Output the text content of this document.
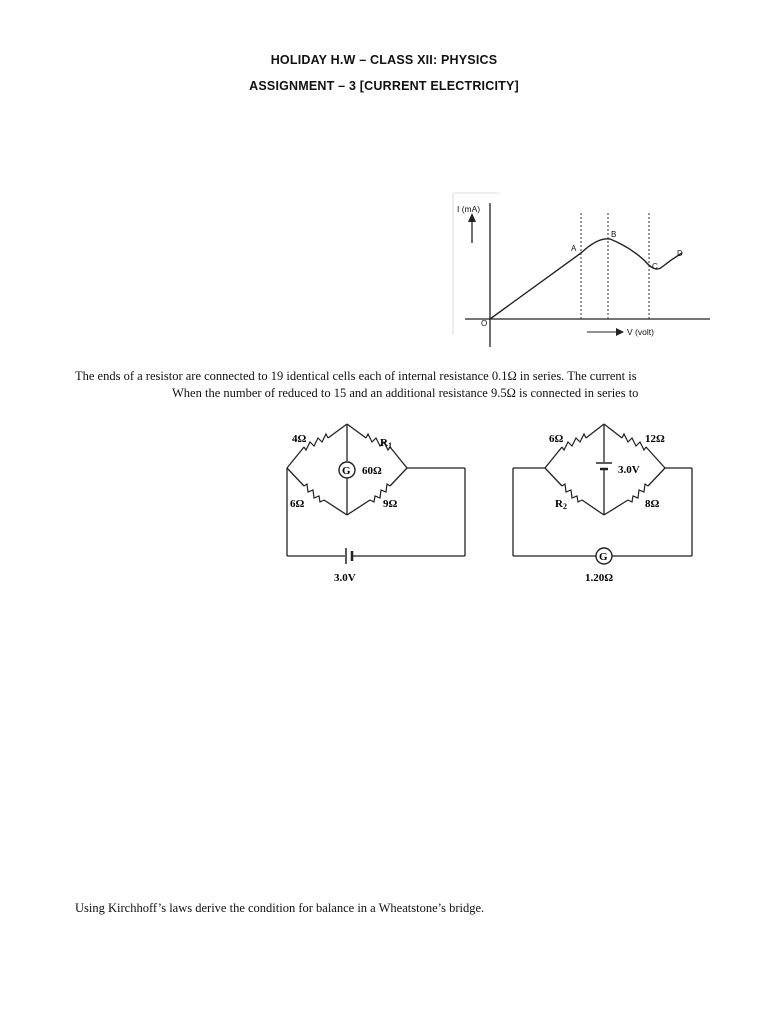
HOLIDAY H.W – CLASS XII: PHYSICS
ASSIGNMENT – 3 [CURRENT ELECTRICITY]
I (mA)
V (volt)
O
A
B
C
D
The ends of a resistor are connected to 19 identical cells each of internal resistance 0.1Ω in series. The current is
When the number of reduced to 15 and an additional resistance 9.5Ω is connected in series to
4Ω	R1
G 60Ω
6Ω	9Ω
3.0V
6Ω	12Ω
3.0V
R2	8Ω
G
1.20Ω
Using Kirchhoff’s laws derive the condition for balance in a Wheatstone’s bridge.
